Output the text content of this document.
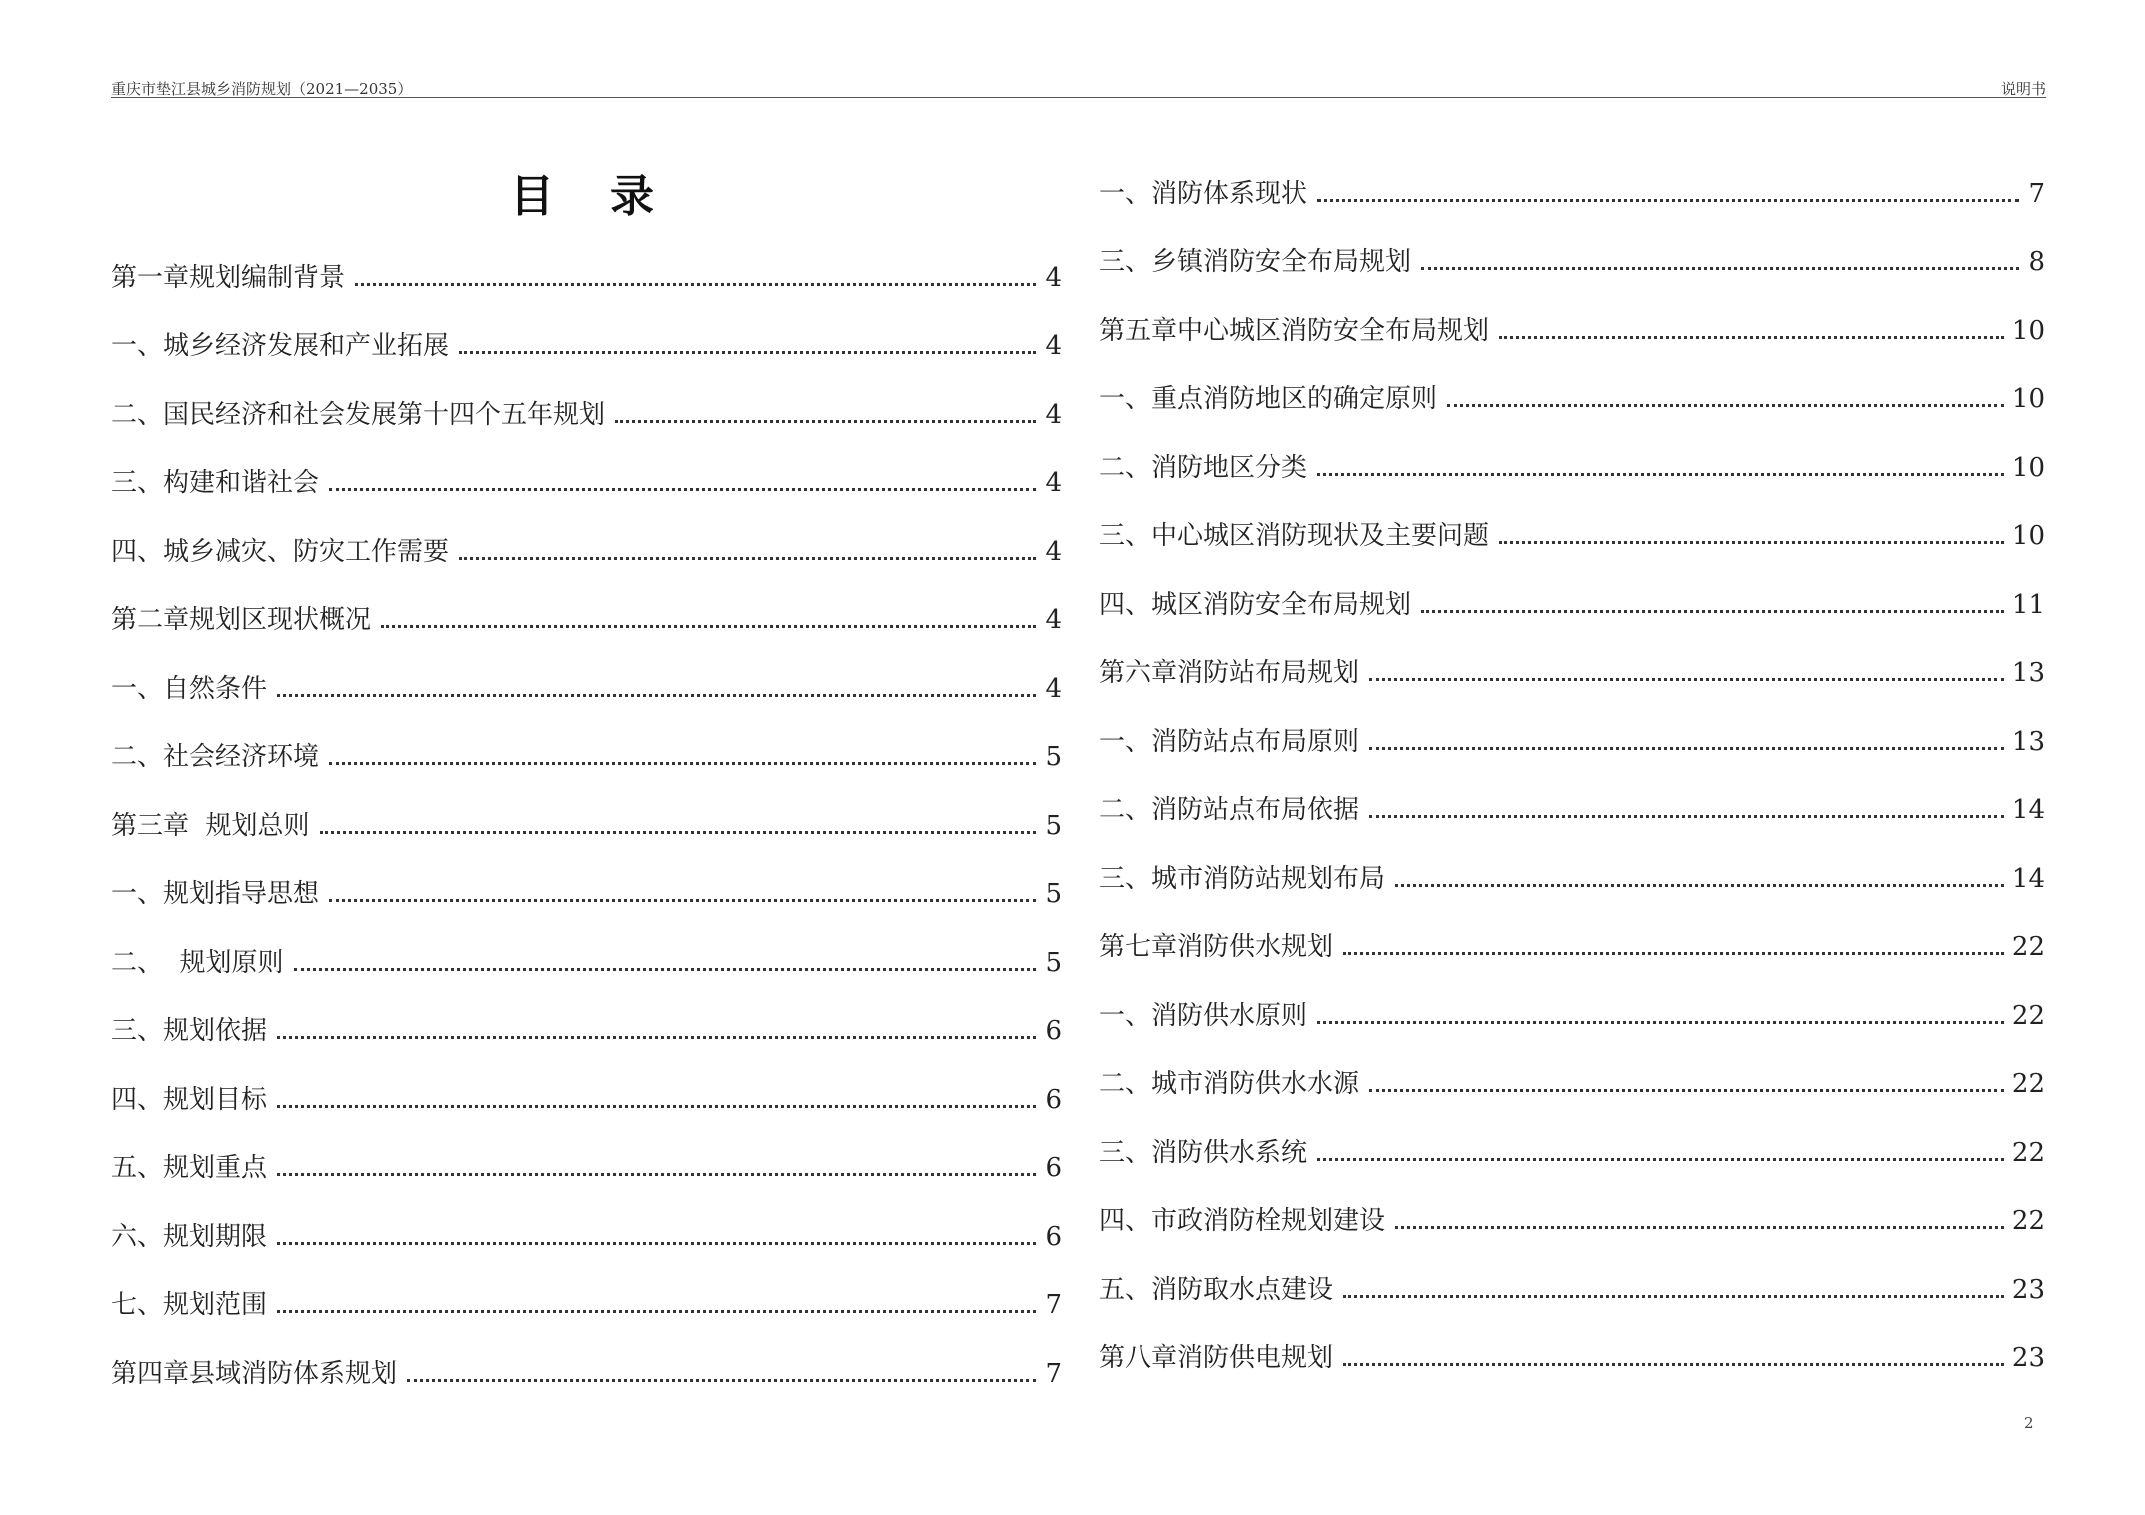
重庆市垫江县城乡消防规划（2021—2035）	说明书
目录
第一章规划编制背景	4
一、城乡经济发展和产业拓展	4
二、国民经济和社会发展第十四个五年规划	4
三、构建和谐社会	4
四、城乡减灾、防灾工作需要	4
第二章规划区现状概况	4
一、自然条件	4
二、社会经济环境	5
第三章  规划总则	5
一、规划指导思想	5
二、  规划原则	5
三、规划依据	6
四、规划目标	6
五、规划重点	6
六、规划期限	6
七、规划范围	7
第四章县域消防体系规划	7
一、消防体系现状	7
三、乡镇消防安全布局规划	8
第五章中心城区消防安全布局规划	10
一、重点消防地区的确定原则	10
二、消防地区分类	10
三、中心城区消防现状及主要问题	10
四、城区消防安全布局规划	11
第六章消防站布局规划	13
一、消防站点布局原则	13
二、消防站点布局依据	14
三、城市消防站规划布局	14
第七章消防供水规划	22
一、消防供水原则	22
二、城市消防供水水源	22
三、消防供水系统	22
四、市政消防栓规划建设	22
五、消防取水点建设	23
第八章消防供电规划	23
2
